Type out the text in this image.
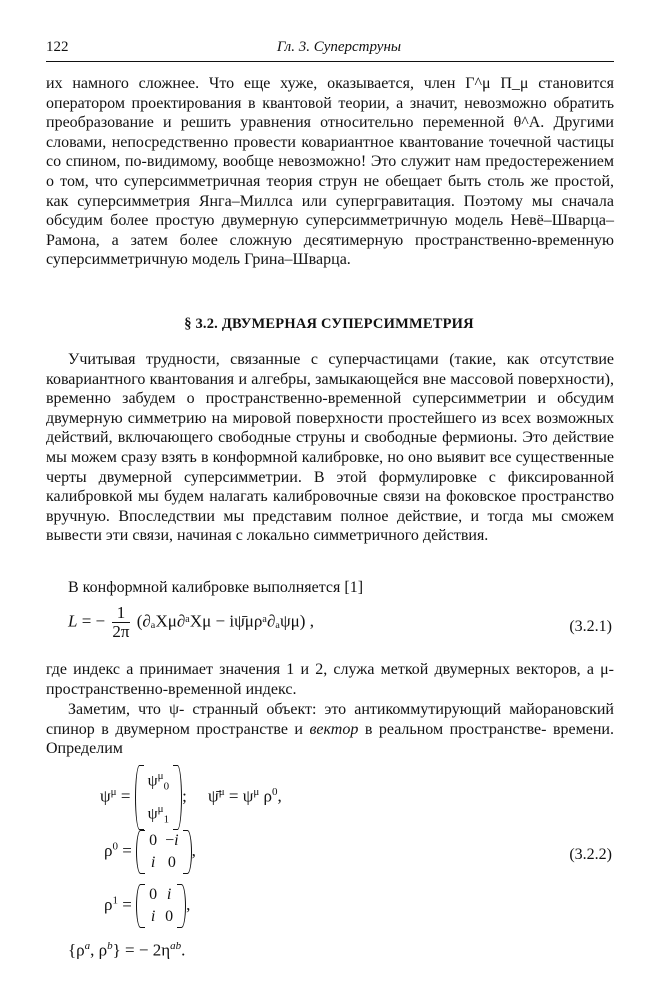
122	Гл. 3. Суперструны
их намного сложнее. Что еще хуже, оказывается, член Γ^μ Π_μ становится оператором проектирования в квантовой теории, а значит, невозможно обратить преобразование и решить уравнения относительно переменной θ^A. Другими словами, непосредственно провести ковариантное квантование точечной частицы со спином, по-видимому, вообще невозможно! Это служит нам предостережением о том, что суперсимметричная теория струн не обещает быть столь же простой, как суперсимметрия Янга–Миллса или супергравитация. Поэтому мы сначала обсудим более простую двумерную суперсимметричную модель Невё–Шварца–Рамона, а затем более сложную десятимерную пространственно-временную суперсимметричную модель Грина–Шварца.
§ 3.2. ДВУМЕРНАЯ СУПЕРСИММЕТРИЯ
Учитывая трудности, связанные с суперчастицами (такие, как отсутствие ковариантного квантования и алгебры, замыкающейся вне массовой поверхности), временно забудем о пространственно-временной суперсимметрии и обсудим двумерную симметрию на мировой поверхности простейшего из всех возможных действий, включающего свободные струны и свободные фермионы. Это действие мы можем сразу взять в конформной калибровке, но оно выявит все существенные черты двумерной суперсимметрии. В этой формулировке с фиксированной калибровкой мы будем налагать калибровочные связи на фоковское пространство вручную. Впоследствии мы представим полное действие, и тогда мы сможем вывести эти связи, начиная с локально симметричного действия.
В конформной калибровке выполняется [1]
L = − $\frac{1}{2\pi}$ (∂ₐXμ∂ᵃXμ − iψ̄μρᵃ∂ₐψμ) ,	(3.2.1)
где индекс a принимает значения 1 и 2, служа меткой двумерных векторов, а μ- пространственно-временной индекс.
Заметим, что ψ- странный объект: это антикоммутирующий майорановский спинор в двумерном пространстве и вектор в реальном пространстве- времени. Определим
$\psi^\mu$ =
$\psi^\mu_0$
$\psi^\mu_1$
;     ψ̄$^\mu$ = $\psi^\mu$ $\rho^0$,
$\rho^0$ =
0	−i
i	0
,
$\rho^1$ =
0	i
i	0
,
{$\rho^a$, $\rho^b$} = − $2\eta^{ab}$.
(3.2.2)
